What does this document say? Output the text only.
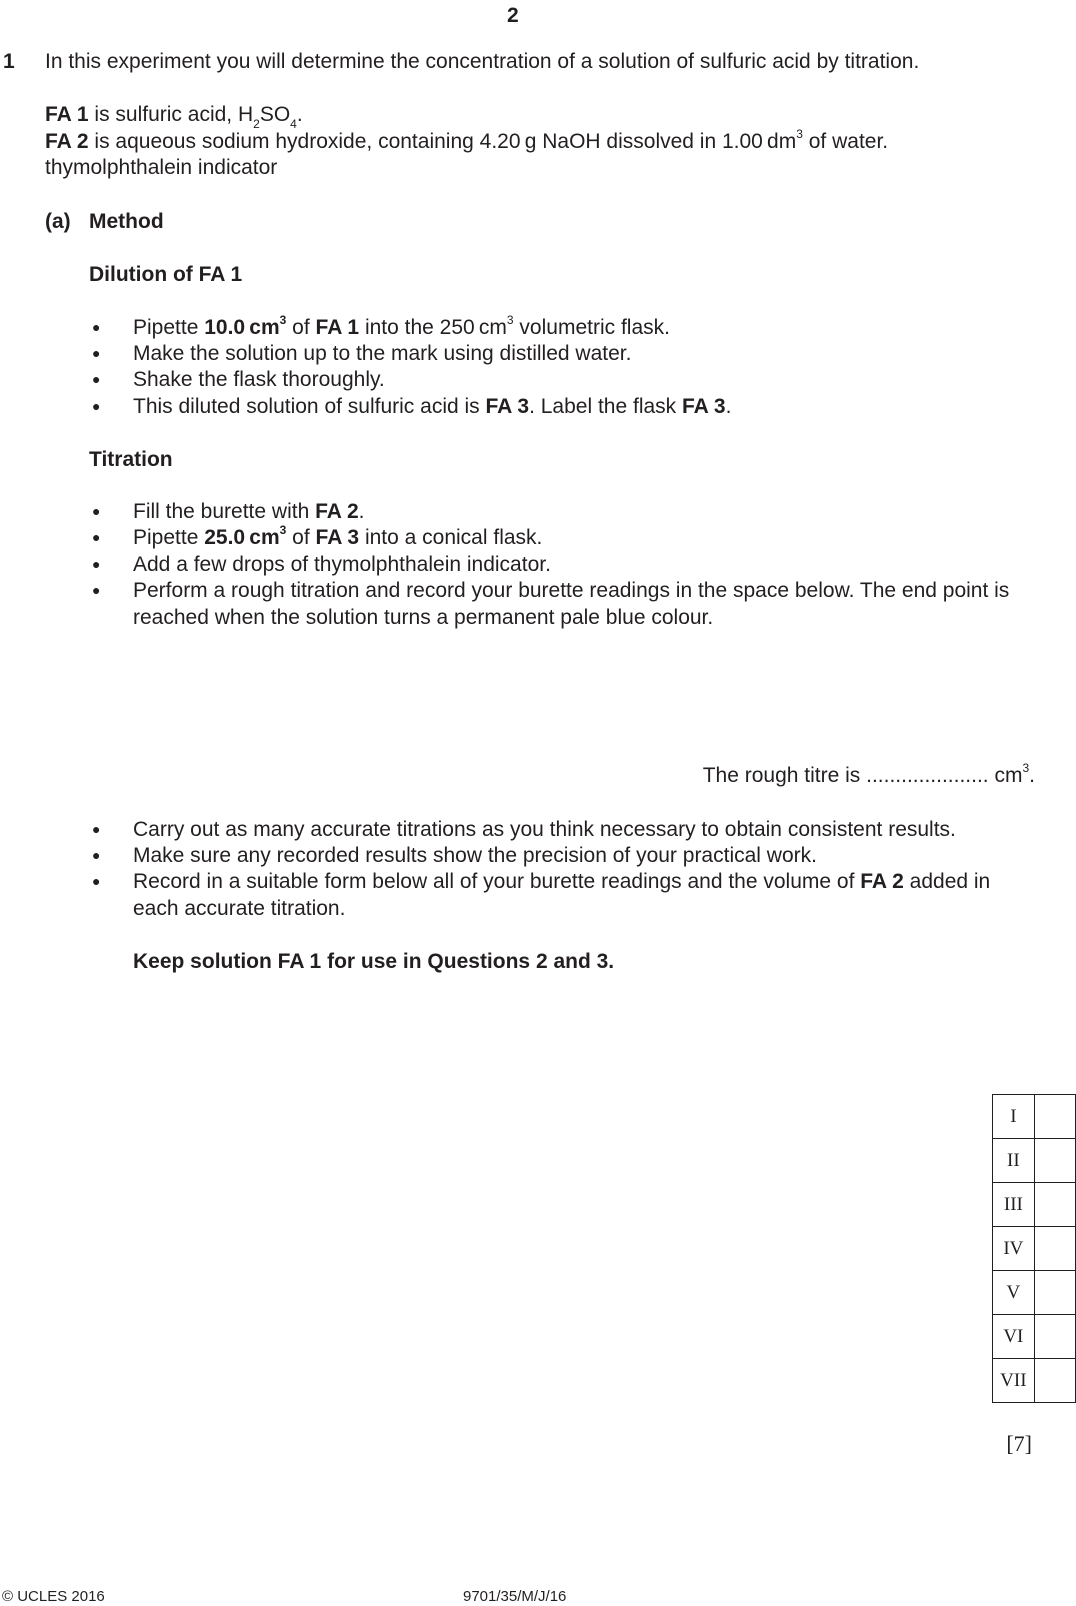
2
1 In this experiment you will determine the concentration of a solution of sulfuric acid by titration.
FA 1 is sulfuric acid, $H_2SO_4$.
FA 2 is aqueous sodium hydroxide, containing 4.20 g NaOH dissolved in 1.00 $dm^3$ of water.
thymolphthalein indicator
(a) Method
Dilution of FA 1
● Pipette 10.0 $cm^3$ of FA 1 into the 250 $cm^3$ volumetric flask.
● Make the solution up to the mark using distilled water.
● Shake the flask thoroughly.
● This diluted solution of sulfuric acid is FA 3. Label the flask FA 3.
Titration
● Fill the burette with FA 2.
● Pipette 25.0 $cm^3$ of FA 3 into a conical flask.
● Add a few drops of thymolphthalein indicator.
● Perform a rough titration and record your burette readings in the space below. The end point is reached when the solution turns a permanent pale blue colour.
The rough titre is ..................... $cm^3$.
● Carry out as many accurate titrations as you think necessary to obtain consistent results.
● Make sure any recorded results show the precision of your practical work.
● Record in a suitable form below all of your burette readings and the volume of FA 2 added in each accurate titration.
Keep solution FA 1 for use in Questions 2 and 3.
I	
II	
III	
IV	
V	
VI	
VII	
[7]
© UCLES 2016	9701/35/M/J/16
